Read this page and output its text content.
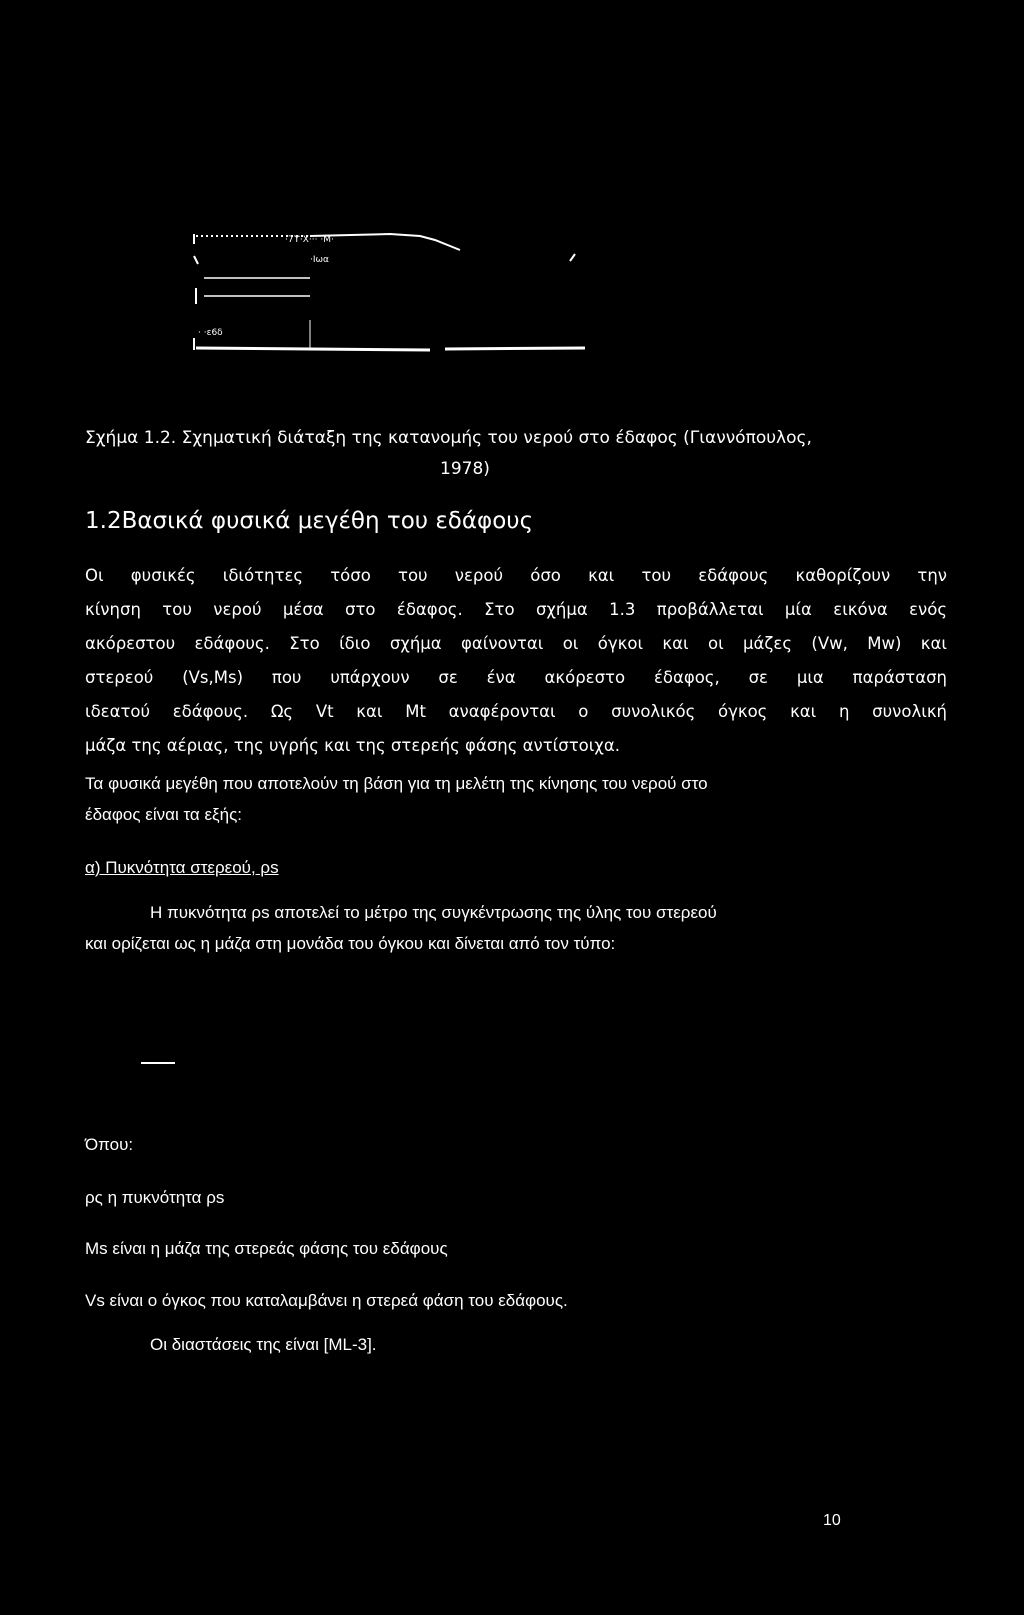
·7ϒ·Χ··· ·Μ·
·Ιωα
· ·ε6δ
Σχήμα 1.2. Σχηματική διάταξη της κατανομής του νερού στο έδαφος (Γιαννόπουλος,
1978)
1.2Βασικά φυσικά μεγέθη του εδάφους
Οι φυσικές ιδιότητες τόσο του νερού όσο και του εδάφους καθορίζουν την
κίνηση του νερού μέσα στο έδαφος. Στο σχήμα 1.3 προβάλλεται μία εικόνα ενός
ακόρεστου εδάφους. Στο ίδιο σχήμα φαίνονται οι όγκοι και οι μάζες (Vw, Mw) και
στερεού (Vs,Ms) που υπάρχουν σε ένα ακόρεστο έδαφος, σε μια παράσταση
ιδεατού εδάφους. Ως Vt και Mt αναφέρονται ο συνολικός όγκος και η συνολική
μάζα της αέριας, της υγρής και της στερεής φάσης αντίστοιχα.
Τα φυσικά μεγέθη που αποτελούν τη βάση για τη μελέτη της κίνησης του νερού στο
έδαφος είναι τα εξής:
α) Πυκνότητα στερεού, ρs
Η πυκνότητα ρs αποτελεί το μέτρο της συγκέντρωσης της ύλης του στερεού
και ορίζεται ως η μάζα στη μονάδα του όγκου και δίνεται από τον τύπο:
Όπου:
ρς η πυκνότητα ρs
Ms είναι η μάζα της στερεάς φάσης του εδάφους
Vs είναι ο όγκος που καταλαμβάνει η στερεά φάση του εδάφους.
Οι διαστάσεις της είναι [ML-3].
10
